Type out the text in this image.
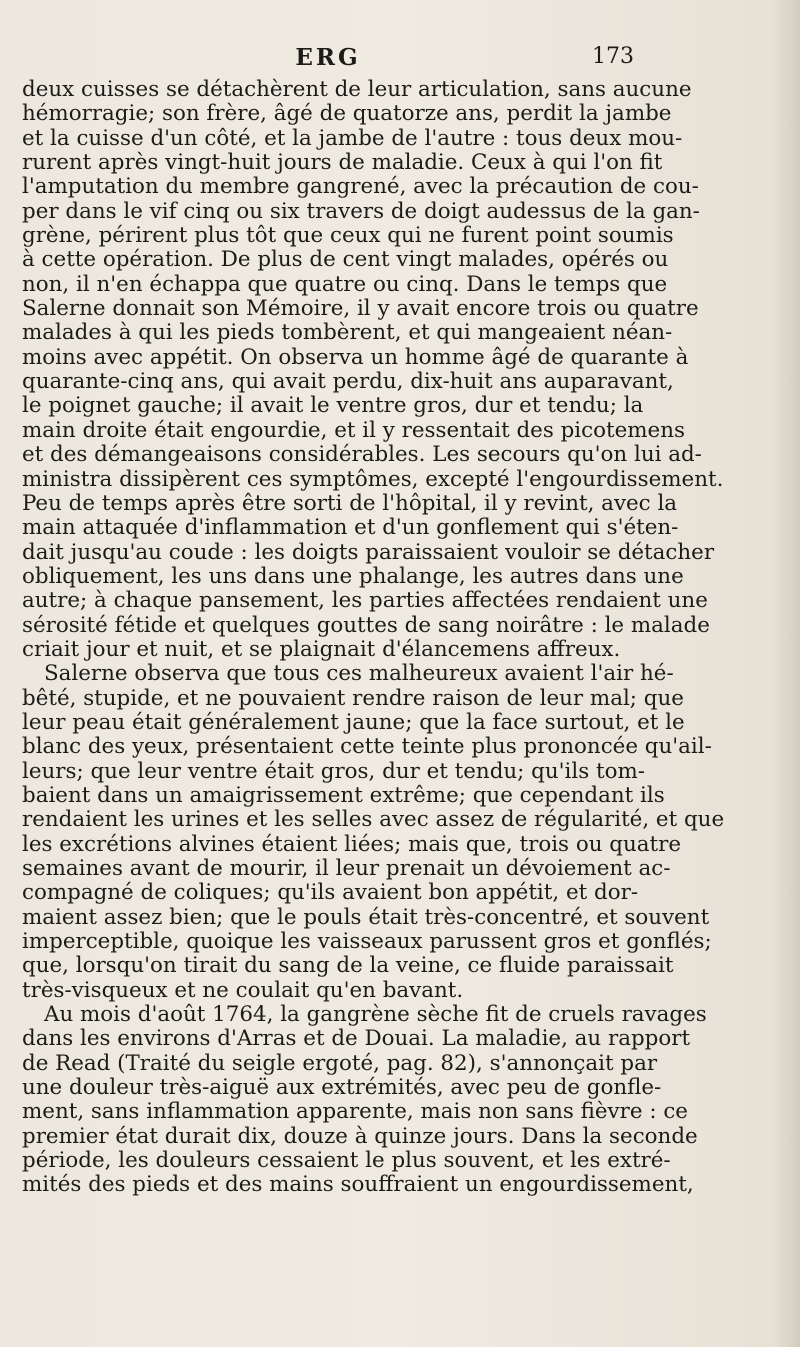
ERG	173
deux cuisses se détachèrent de leur articulation, sans aucune
hémorragie; son frère, âgé de quatorze ans, perdit la jambe
et la cuisse d'un côté, et la jambe de l'autre : tous deux mou-
rurent après vingt-huit jours de maladie. Ceux à qui l'on fit
l'amputation du membre gangrené, avec la précaution de cou-
per dans le vif cinq ou six travers de doigt audessus de la gan-
grène, périrent plus tôt que ceux qui ne furent point soumis
à cette opération. De plus de cent vingt malades, opérés ou
non, il n'en échappa que quatre ou cinq. Dans le temps que
Salerne donnait son Mémoire, il y avait encore trois ou quatre
malades à qui les pieds tombèrent, et qui mangeaient néan-
moins avec appétit. On observa un homme âgé de quarante à
quarante-cinq ans, qui avait perdu, dix-huit ans auparavant,
le poignet gauche; il avait le ventre gros, dur et tendu; la
main droite était engourdie, et il y ressentait des picotemens
et des démangeaisons considérables. Les secours qu'on lui ad-
ministra dissipèrent ces symptômes, excepté l'engourdissement.
Peu de temps après être sorti de l'hôpital, il y revint, avec la
main attaquée d'inflammation et d'un gonflement qui s'éten-
dait jusqu'au coude : les doigts paraissaient vouloir se détacher
obliquement, les uns dans une phalange, les autres dans une
autre; à chaque pansement, les parties affectées rendaient une
sérosité fétide et quelques gouttes de sang noirâtre : le malade
criait jour et nuit, et se plaignait d'élancemens affreux.
Salerne observa que tous ces malheureux avaient l'air hé-
bêté, stupide, et ne pouvaient rendre raison de leur mal; que
leur peau était généralement jaune; que la face surtout, et le
blanc des yeux, présentaient cette teinte plus prononcée qu'ail-
leurs; que leur ventre était gros, dur et tendu; qu'ils tom-
baient dans un amaigrissement extrême; que cependant ils
rendaient les urines et les selles avec assez de régularité, et que
les excrétions alvines étaient liées; mais que, trois ou quatre
semaines avant de mourir, il leur prenait un dévoiement ac-
compagné de coliques; qu'ils avaient bon appétit, et dor-
maient assez bien; que le pouls était très-concentré, et souvent
imperceptible, quoique les vaisseaux parussent gros et gonflés;
que, lorsqu'on tirait du sang de la veine, ce fluide paraissait
très-visqueux et ne coulait qu'en bavant.
Au mois d'août 1764, la gangrène sèche fit de cruels ravages
dans les environs d'Arras et de Douai. La maladie, au rapport
de Read (Traité du seigle ergoté, pag. 82), s'annonçait par
une douleur très-aiguë aux extrémités, avec peu de gonfle-
ment, sans inflammation apparente, mais non sans fièvre : ce
premier état durait dix, douze à quinze jours. Dans la seconde
période, les douleurs cessaient le plus souvent, et les extré-
mités des pieds et des mains souffraient un engourdissement,
